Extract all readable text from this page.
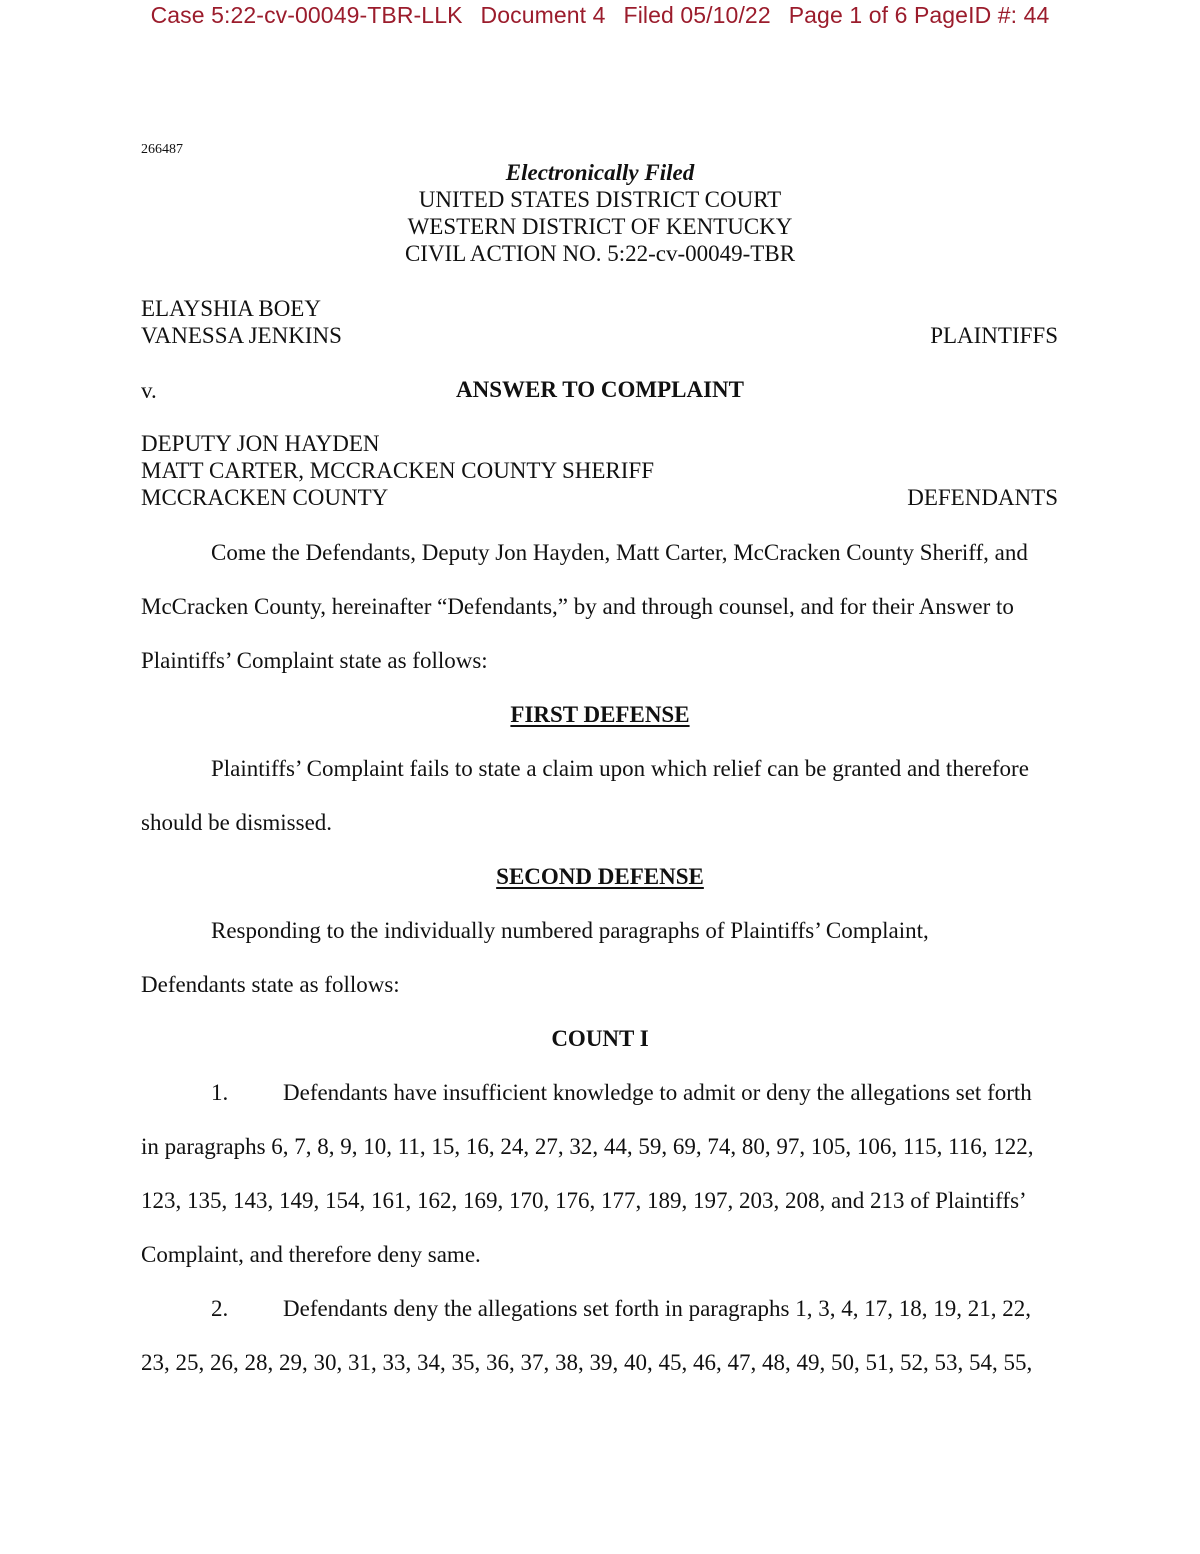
Case 5:22-cv-00049-TBR-LLK Document 4 Filed 05/10/22 Page 1 of 6 PageID #: 44
266487
Electronically Filed
UNITED STATES DISTRICT COURT
WESTERN DISTRICT OF KENTUCKY
CIVIL ACTION NO. 5:22-cv-00049-TBR
ELAYSHIA BOEY
VANESSA JENKINS	PLAINTIFFS
v.	ANSWER TO COMPLAINT
DEPUTY JON HAYDEN
MATT CARTER, MCCRACKEN COUNTY SHERIFF
MCCRACKEN COUNTY	DEFENDANTS
Come the Defendants, Deputy Jon Hayden, Matt Carter, McCracken County Sheriff, and
McCracken County, hereinafter “Defendants,” by and through counsel, and for their Answer to
Plaintiffs’ Complaint state as follows:
FIRST DEFENSE
Plaintiffs’ Complaint fails to state a claim upon which relief can be granted and therefore
should be dismissed.
SECOND DEFENSE
Responding to the individually numbered paragraphs of Plaintiffs’ Complaint,
Defendants state as follows:
COUNT I
1. Defendants have insufficient knowledge to admit or deny the allegations set forth
in paragraphs 6, 7, 8, 9, 10, 11, 15, 16, 24, 27, 32, 44, 59, 69, 74, 80, 97, 105, 106, 115, 116, 122,
123, 135, 143, 149, 154, 161, 162, 169, 170, 176, 177, 189, 197, 203, 208, and 213 of Plaintiffs’
Complaint, and therefore deny same.
2. Defendants deny the allegations set forth in paragraphs 1, 3, 4, 17, 18, 19, 21, 22,
23, 25, 26, 28, 29, 30, 31, 33, 34, 35, 36, 37, 38, 39, 40, 45, 46, 47, 48, 49, 50, 51, 52, 53, 54, 55,
